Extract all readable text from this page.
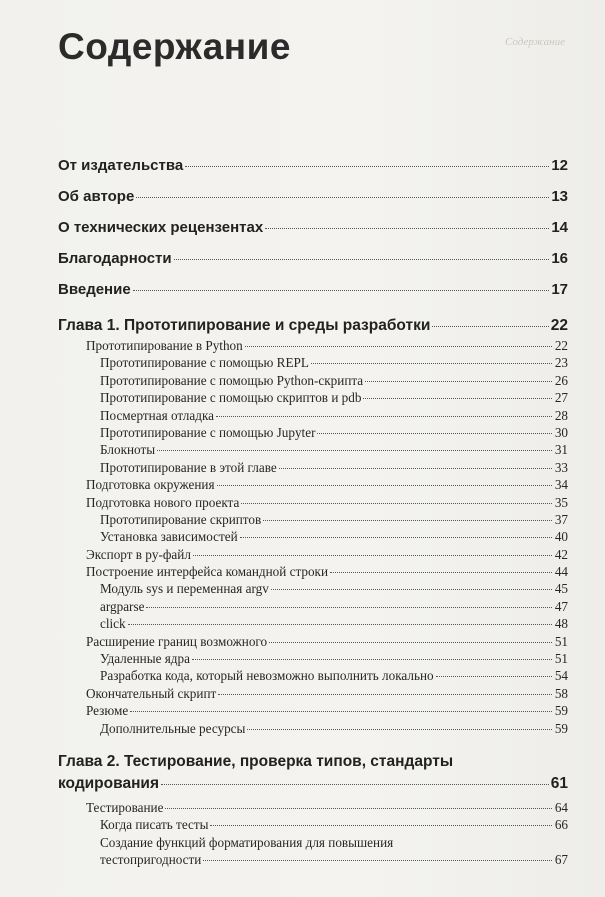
Содержание
Содержание
От издательства	12
Об авторе	13
О технических рецензентах	14
Благодарности	16
Введение	17
Глава 1. Прототипирование и среды разработки	22
Прототипирование в Python	22
Прототипирование с помощью REPL	23
Прототипирование с помощью Python-скрипта	26
Прототипирование с помощью скриптов и pdb	27
Посмертная отладка	28
Прототипирование с помощью Jupyter	30
Блокноты	31
Прототипирование в этой главе	33
Подготовка окружения	34
Подготовка нового проекта	35
Прототипирование скриптов	37
Установка зависимостей	40
Экспорт в py-файл	42
Построение интерфейса командной строки	44
Модуль sys и переменная argv	45
argparse	47
click	48
Расширение границ возможного	51
Удаленные ядра	51
Разработка кода, который невозможно выполнить локально	54
Окончательный скрипт	58
Резюме	59
Дополнительные ресурсы	59
Глава 2. Тестирование, проверка типов, стандарты
кодирования	61
Тестирование	64
Когда писать тесты	66
Создание функций форматирования для повышения
тестопригодности	67
